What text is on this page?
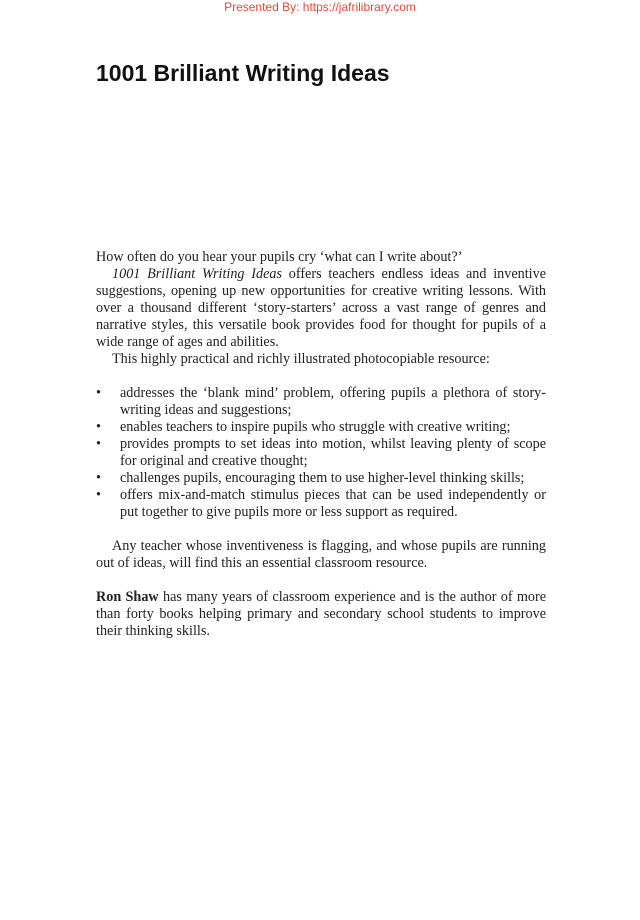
Presented By: https://jafrilibrary.com
1001 Brilliant Writing Ideas

How often do you hear your pupils cry ‘what can I write about?’

1001 Brilliant Writing Ideas offers teachers endless ideas and inventive suggestions, opening up new opportunities for creative writing lessons. With over a thousand different ‘story-starters’ across a vast range of genres and narrative styles, this versatile book provides food for thought for pupils of a wide range of ages and abilities.

This highly practical and richly illustrated photocopiable resource:

• addresses the ‘blank mind’ problem, offering pupils a plethora of story-writing ideas and suggestions;
• enables teachers to inspire pupils who struggle with creative writing;
• provides prompts to set ideas into motion, whilst leaving plenty of scope for original and creative thought;
• challenges pupils, encouraging them to use higher-level thinking skills;
• offers mix-and-match stimulus pieces that can be used independently or put together to give pupils more or less support as required.

Any teacher whose inventiveness is flagging, and whose pupils are running out of ideas, will find this an essential classroom resource.

Ron Shaw has many years of classroom experience and is the author of more than forty books helping primary and secondary school students to improve their thinking skills.
